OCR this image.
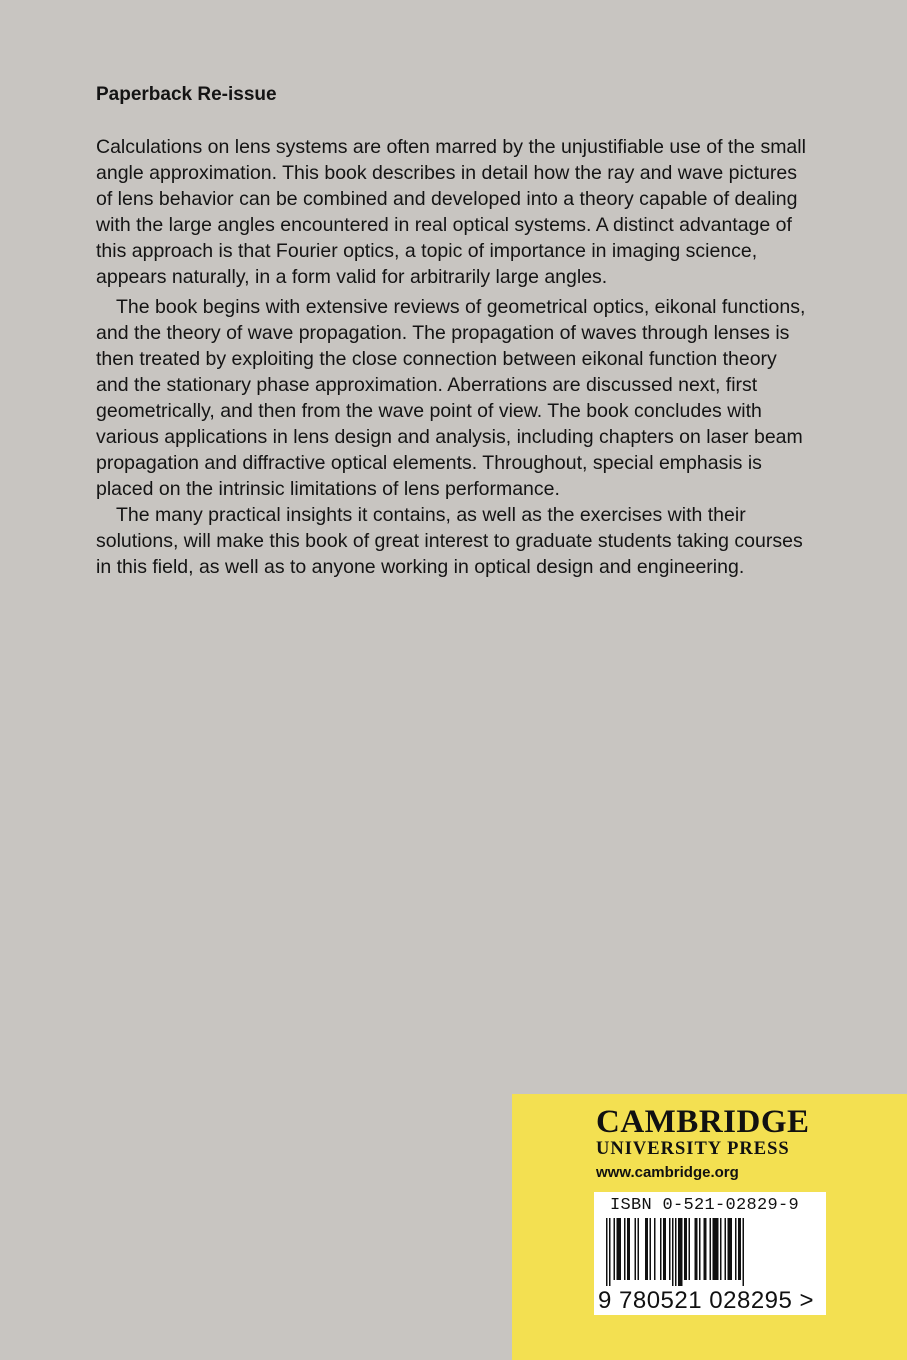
Paperback Re-issue

Calculations on lens systems are often marred by the unjustifiable use of the small angle approximation. This book describes in detail how the ray and wave pictures of lens behavior can be combined and developed into a theory capable of dealing with the large angles encountered in real optical systems. A distinct advantage of this approach is that Fourier optics, a topic of importance in imaging science, appears naturally, in a form valid for arbitrarily large angles.

The book begins with extensive reviews of geometrical optics, eikonal functions, and the theory of wave propagation. The propagation of waves through lenses is then treated by exploiting the close connection between eikonal function theory and the stationary phase approximation. Aberrations are discussed next, first geometrically, and then from the wave point of view. The book concludes with various applications in lens design and analysis, including chapters on laser beam propagation and diffractive optical elements. Throughout, special emphasis is placed on the intrinsic limitations of lens performance.

The many practical insights it contains, as well as the exercises with their solutions, will make this book of great interest to graduate students taking courses in this field, as well as to anyone working in optical design and engineering.

CAMBRIDGE
UNIVERSITY PRESS
www.cambridge.org
ISBN 0-521-02829-9
9 780521 028295 >
